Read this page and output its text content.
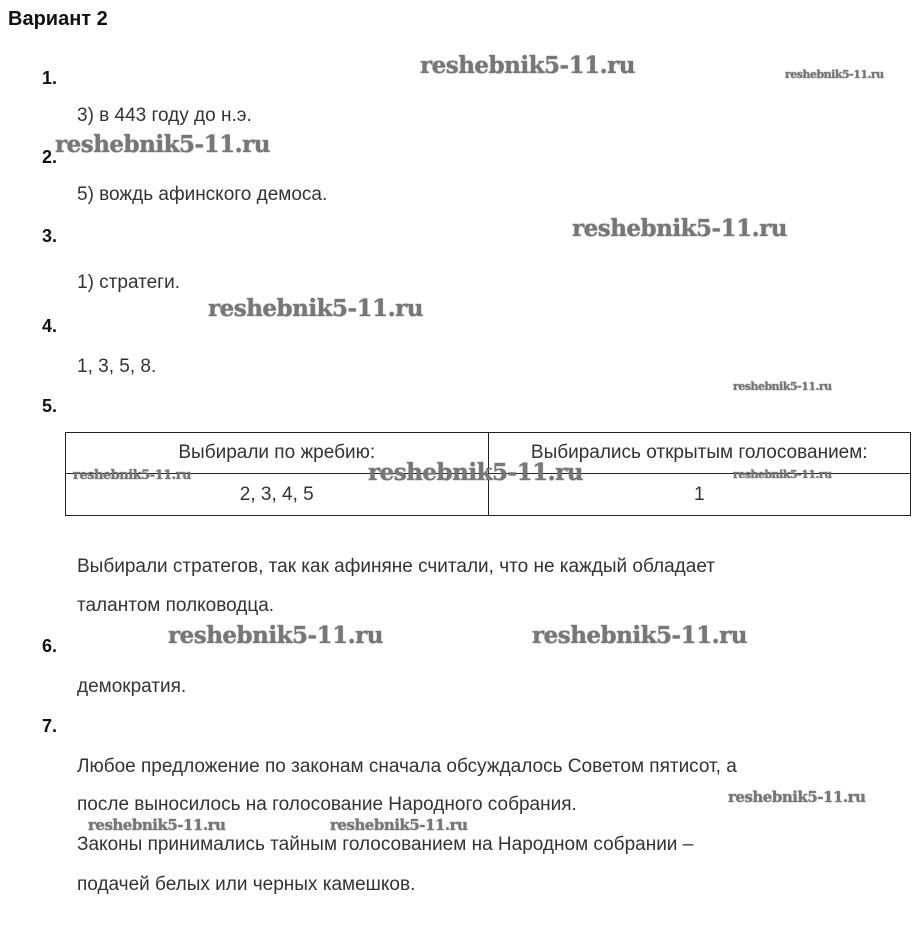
Вариант 2
1.
3) в 443 году до н.э.
2.
5) вождь афинского демоса.
3.
1) стратеги.
4.
1, 3, 5, 8.
5.
Выбирали по жребию:	Выбирались открытым голосованием:
2, 3, 4, 5	1
Выбирали стратегов, так как афиняне считали, что не каждый обладает
талантом полководца.
6.
демократия.
7.
Любое предложение по законам сначала обсуждалось Советом пятисот, а
после выносилось на голосование Народного собрания.
Законы принимались тайным голосованием на Народном собрании –
подачей белых или черных камешков.
reshebnik5-11.ru	reshebnik5-11.ru
reshebnik5-11.ru
reshebnik5-11.ru
reshebnik5-11.ru
reshebnik5-11.ru
reshebnik5-11.ru	reshebnik5-11.ru	reshebnik5-11.ru
reshebnik5-11.ru	reshebnik5-11.ru
reshebnik5-11.ru
reshebnik5-11.ru	reshebnik5-11.ru
